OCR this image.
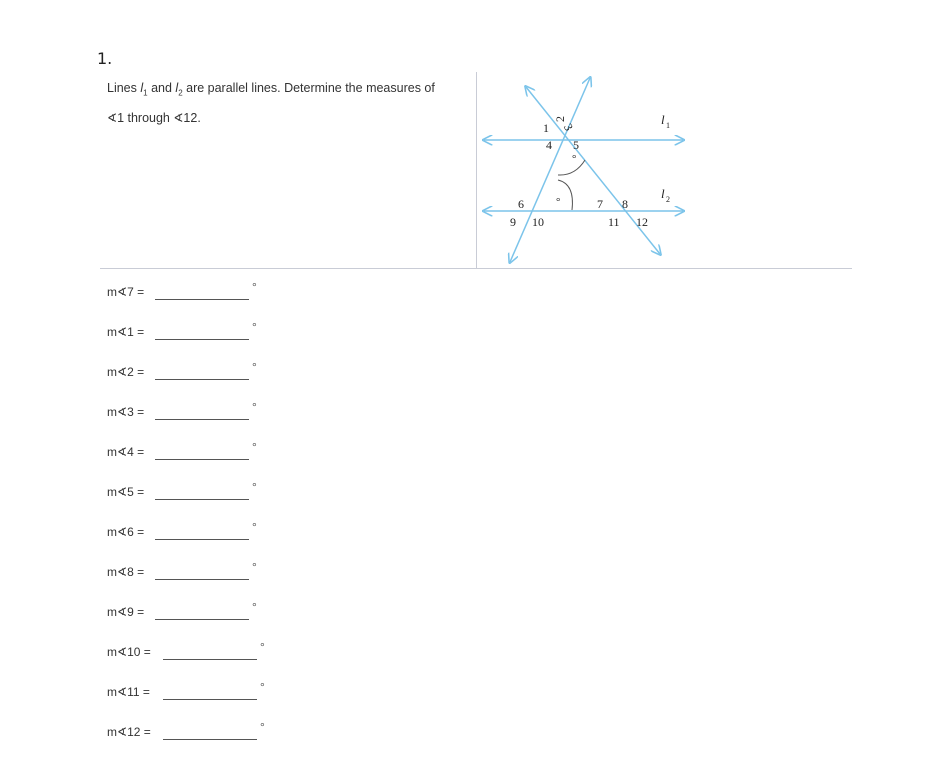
1.
Lines $l_1$ and $l_2$ are parallel lines. Determine the measures of
∢1 through ∢12.
°
°
1
2
3
4 5
6
9 10
7 8
11 12
l 1
l 2
m∢7 =	°
m∢1 =	°
m∢2 =	°
m∢3 =	°
m∢4 =	°
m∢5 =	°
m∢6 =	°
m∢8 =	°
m∢9 =	°
m∢10 =	°
m∢11 =	°
m∢12 =	°
